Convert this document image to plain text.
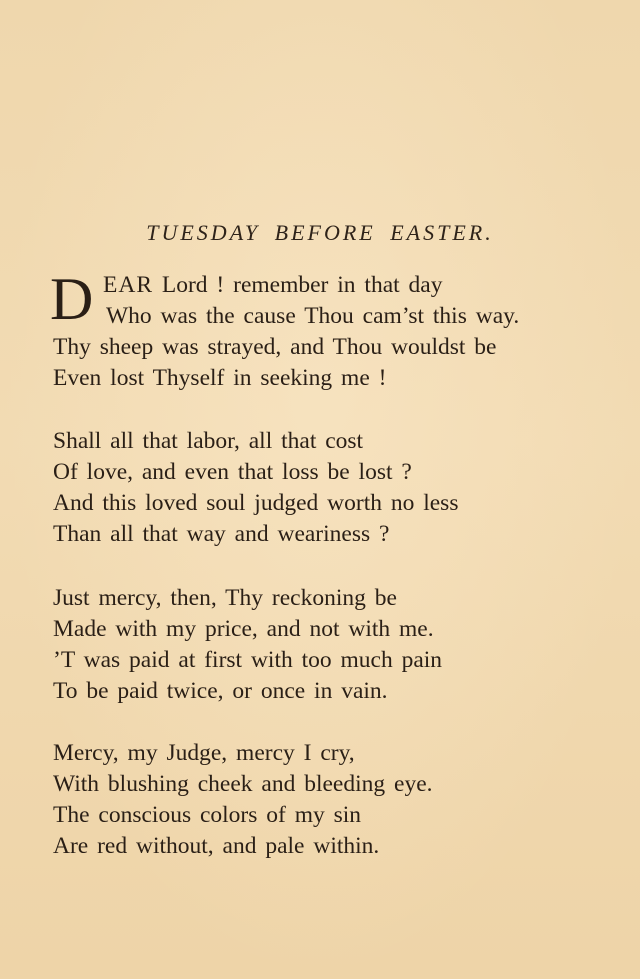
TUESDAY BEFORE EASTER.
D EAR Lord ! remember in that day
Who was the cause Thou cam’st this way.
Thy sheep was strayed, and Thou wouldst be
Even lost Thyself in seeking me !
Shall all that labor, all that cost
Of love, and even that loss be lost ?
And this loved soul judged worth no less
Than all that way and weariness ?
Just mercy, then, Thy reckoning be
Made with my price, and not with me.
’T was paid at first with too much pain
To be paid twice, or once in vain.
Mercy, my Judge, mercy I cry,
With blushing cheek and bleeding eye.
The conscious colors of my sin
Are red without, and pale within.
